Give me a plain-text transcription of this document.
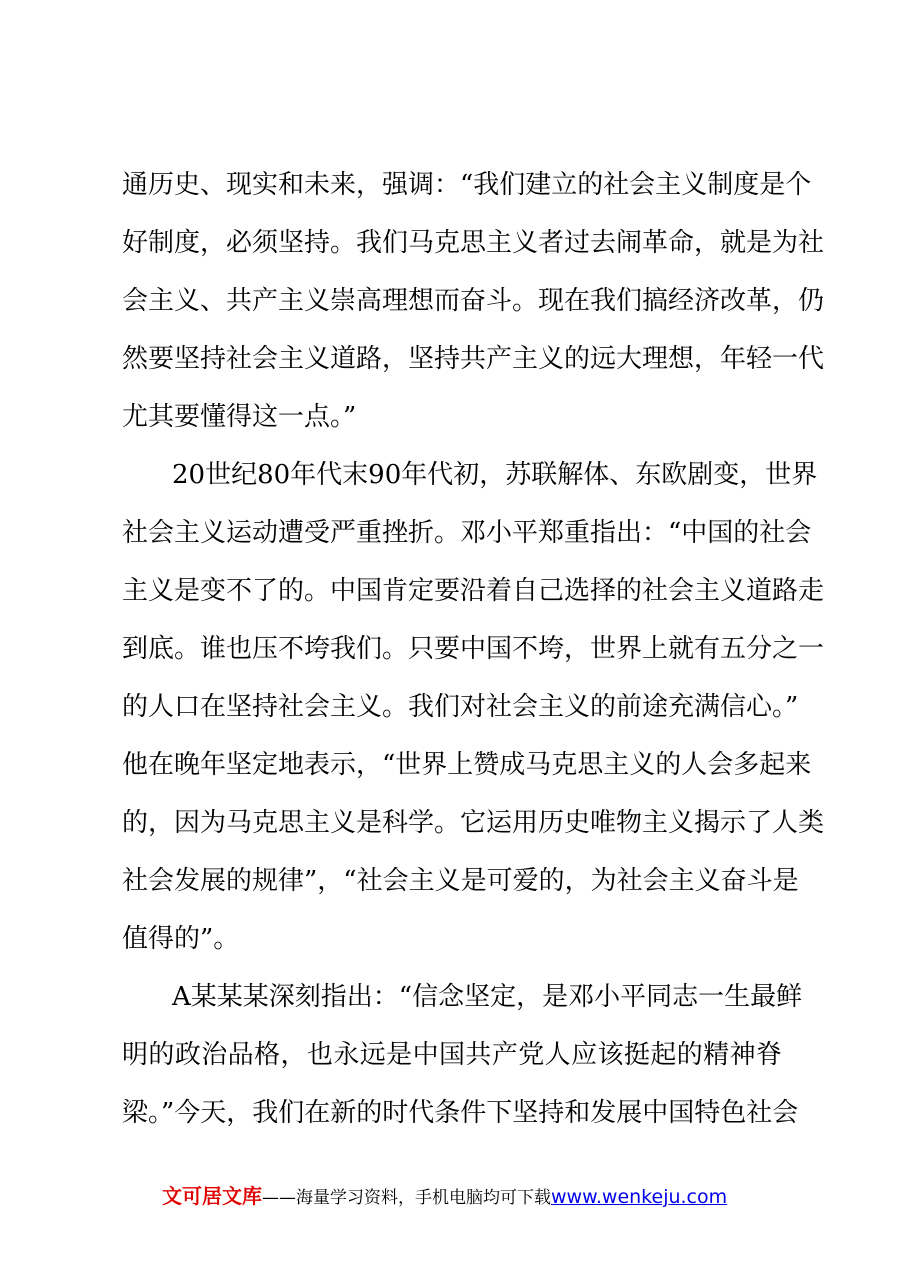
通历史、现实和未来，强调：“我们建立的社会主义制度是个
好制度，必须坚持。我们马克思主义者过去闹革命，就是为社
会主义、共产主义崇高理想而奋斗。现在我们搞经济改革，仍
然要坚持社会主义道路，坚持共产主义的远大理想，年轻一代
尤其要懂得这一点。”
20世纪80年代末90年代初，苏联解体、东欧剧变，世界
社会主义运动遭受严重挫折。邓小平郑重指出：“中国的社会
主义是变不了的。中国肯定要沿着自己选择的社会主义道路走
到底。谁也压不垮我们。只要中国不垮，世界上就有五分之一
的人口在坚持社会主义。我们对社会主义的前途充满信心。”
他在晚年坚定地表示，“世界上赞成马克思主义的人会多起来
的，因为马克思主义是科学。它运用历史唯物主义揭示了人类
社会发展的规律”，“社会主义是可爱的，为社会主义奋斗是
值得的”。
A某某某深刻指出：“信念坚定，是邓小平同志一生最鲜
明的政治品格，也永远是中国共产党人应该挺起的精神脊
梁。”今天，我们在新的时代条件下坚持和发展中国特色社会
文可居文库——海量学习资料，手机电脑均可下载www.wenkeju.com
